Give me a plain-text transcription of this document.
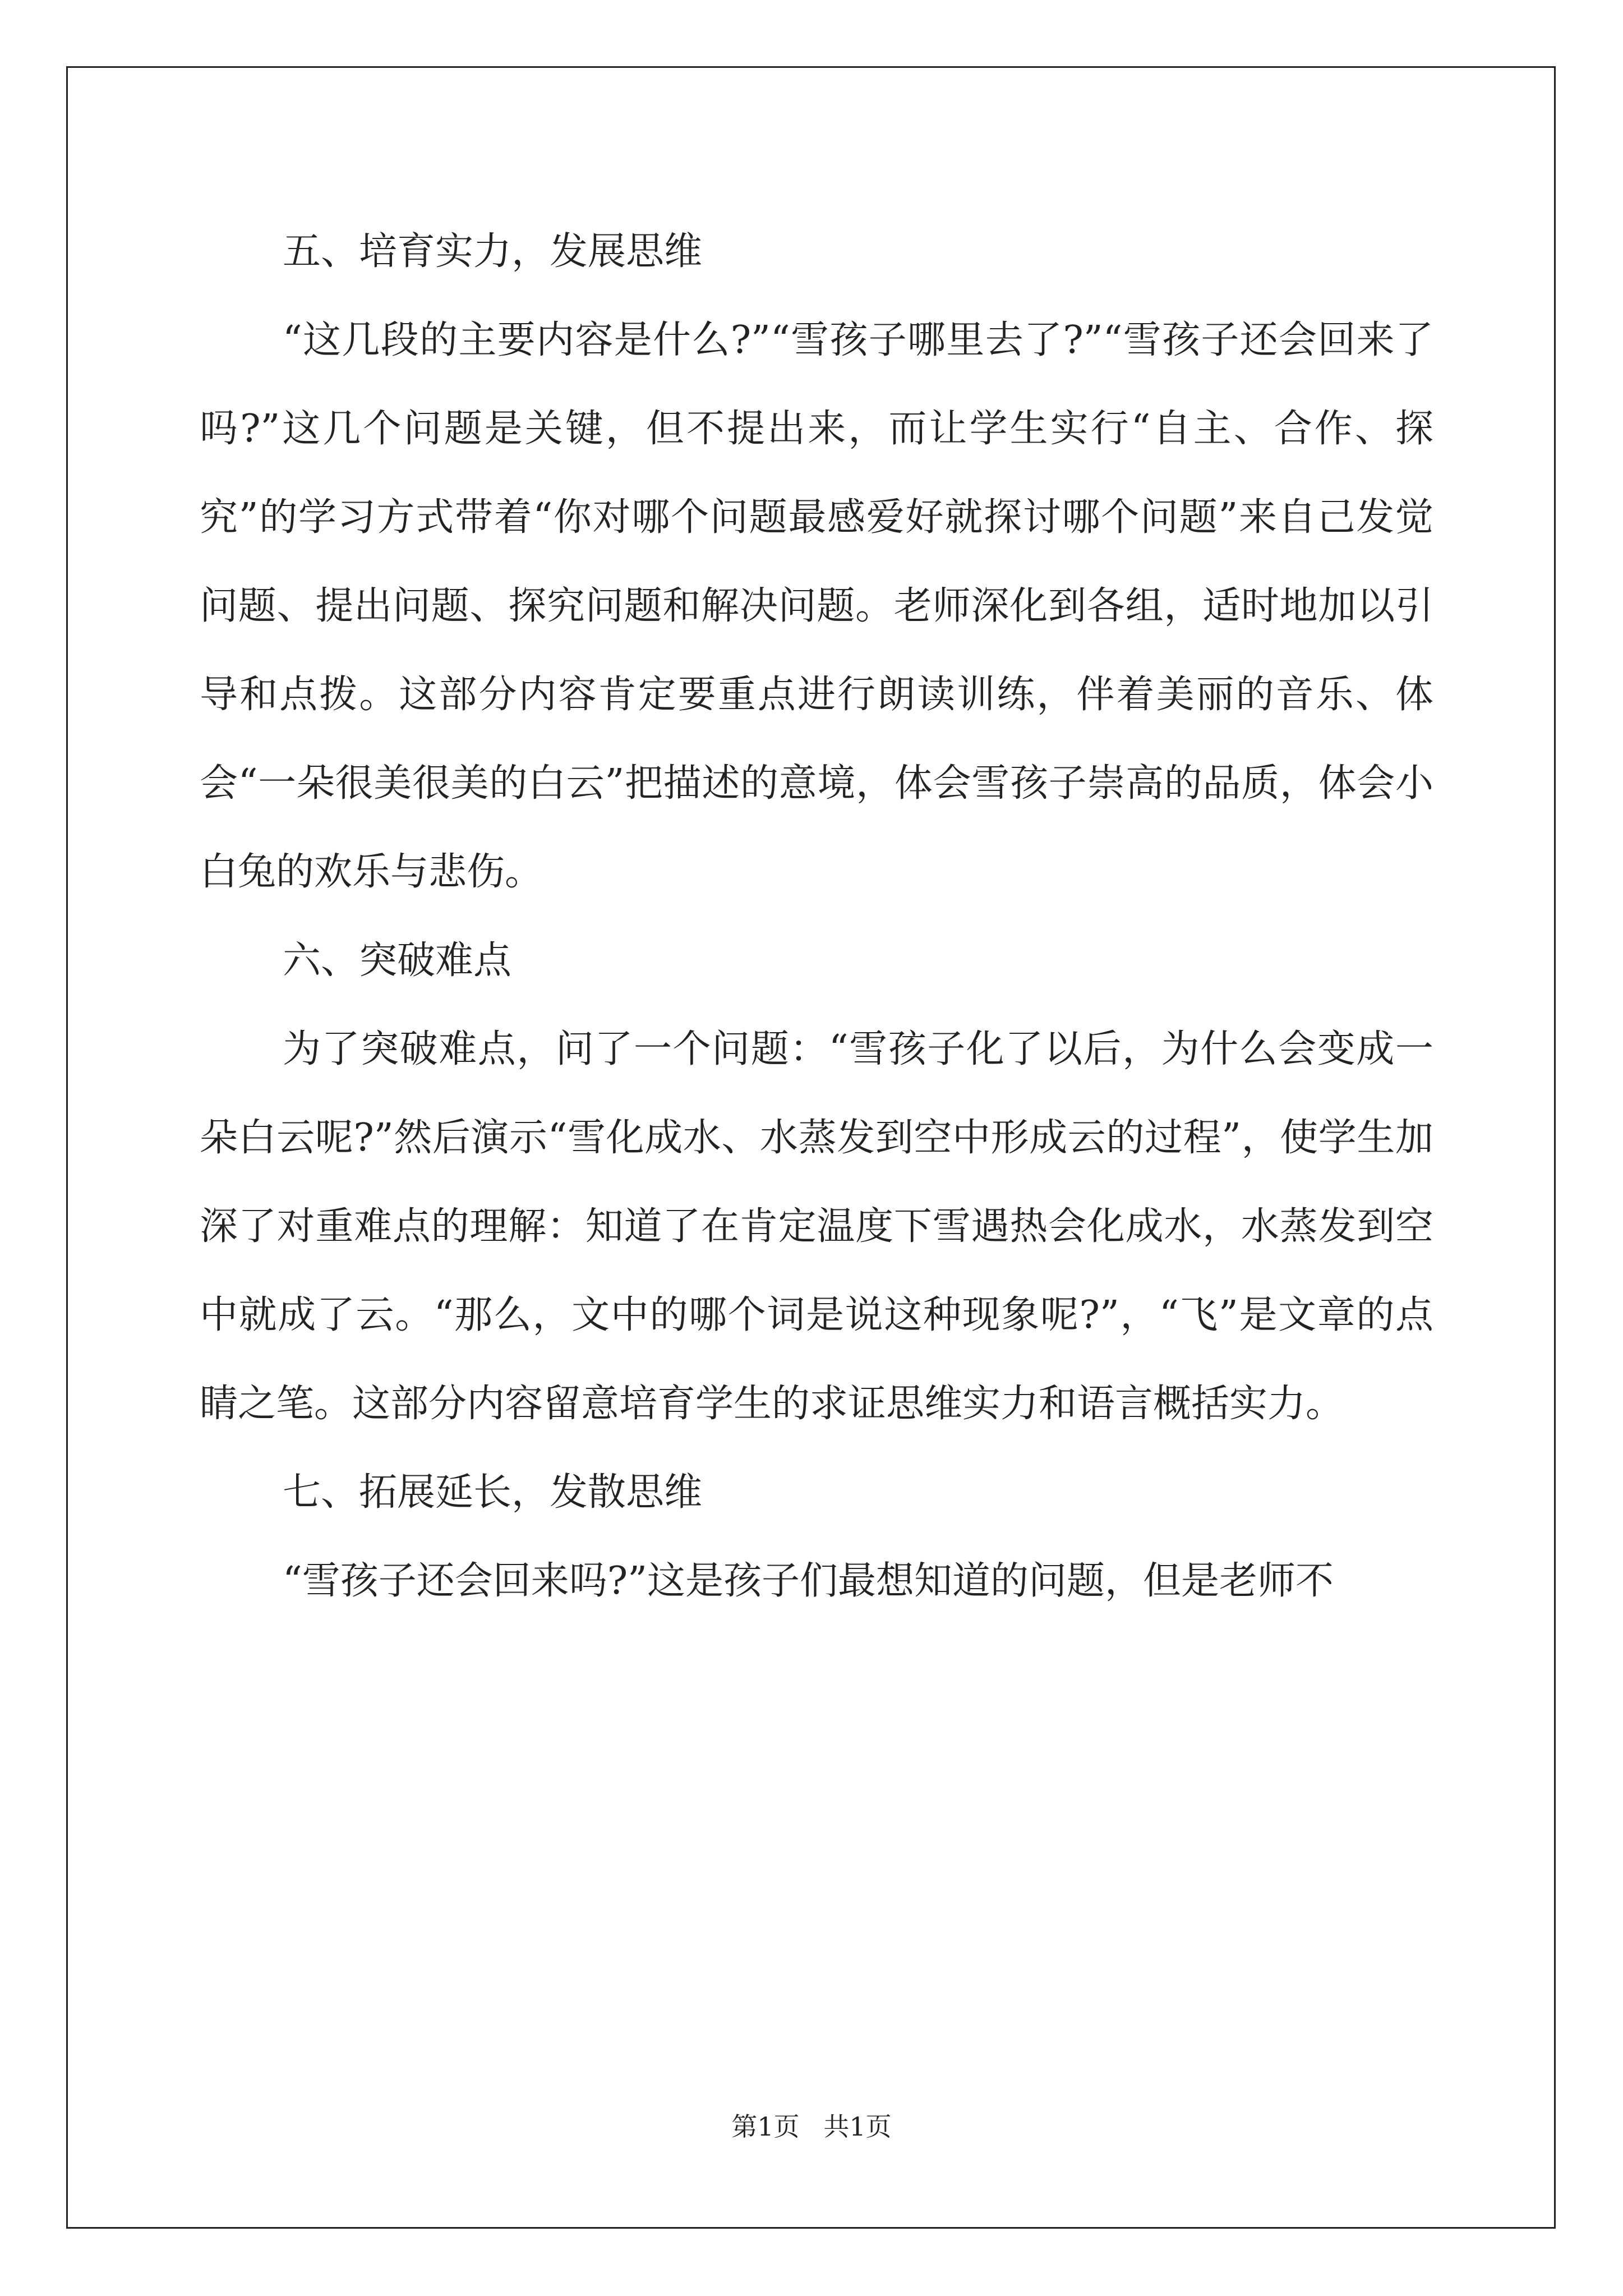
五、培育实力，发展思维

“这几段的主要内容是什么?”“雪孩子哪里去了?”“雪孩子还会回来了吗?”这几个问题是关键，但不提出来，而让学生实行“自主、合作、探究”的学习方式带着“你对哪个问题最感爱好就探讨哪个问题”来自己发觉问题、提出问题、探究问题和解决问题。老师深化到各组，适时地加以引导和点拨。这部分内容肯定要重点进行朗读训练，伴着美丽的音乐、体会“一朵很美很美的白云”把描述的意境，体会雪孩子崇高的品质，体会小白兔的欢乐与悲伤。

六、突破难点

为了突破难点，问了一个问题：“雪孩子化了以后，为什么会变成一朵白云呢?”然后演示“雪化成水、水蒸发到空中形成云的过程”，使学生加深了对重难点的理解：知道了在肯定温度下雪遇热会化成水，水蒸发到空中就成了云。“那么，文中的哪个词是说这种现象呢?”，“飞”是文章的点睛之笔。这部分内容留意培育学生的求证思维实力和语言概括实力。

七、拓展延长，发散思维

“雪孩子还会回来吗?”这是孩子们最想知道的问题，但是老师不

第1页 共1页
